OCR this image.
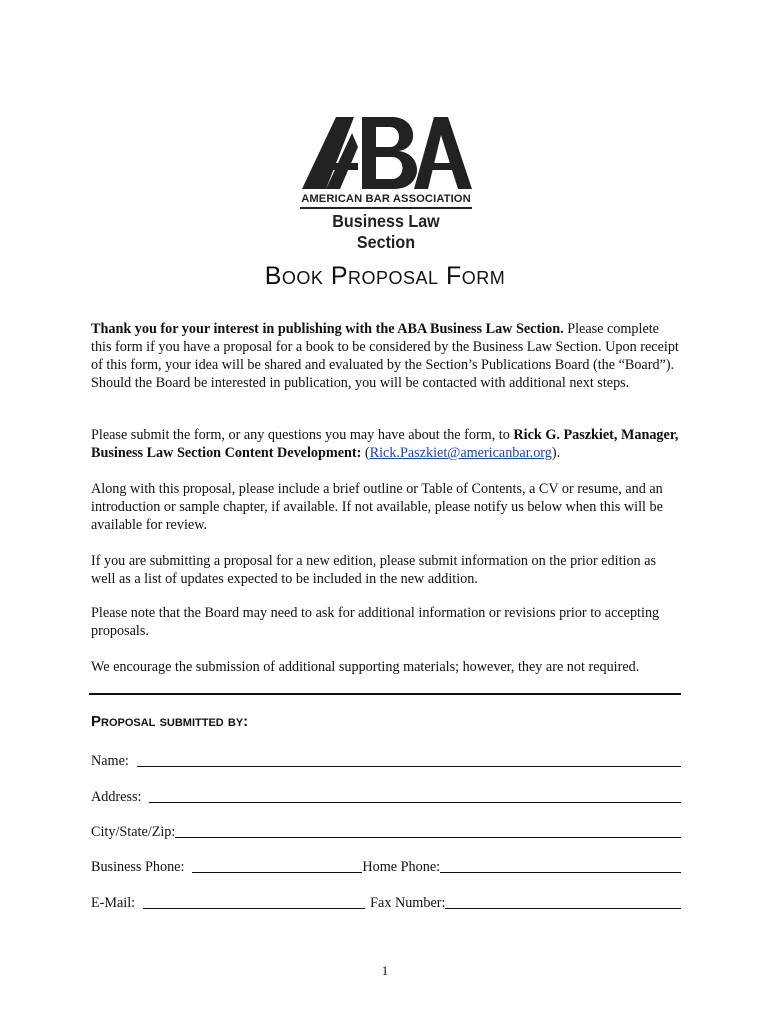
AMERICAN BAR ASSOCIATION
Business Law Section
Book Proposal Form

Thank you for your interest in publishing with the ABA Business Law Section. Please complete this form if you have a proposal for a book to be considered by the Business Law Section. Upon receipt of this form, your idea will be shared and evaluated by the Section’s Publications Board (the “Board”). Should the Board be interested in publication, you will be contacted with additional next steps.

Please submit the form, or any questions you may have about the form, to Rick G. Paszkiet, Manager, Business Law Section Content Development: (Rick.Paszkiet@americanbar.org).

Along with this proposal, please include a brief outline or Table of Contents, a CV or resume, and an introduction or sample chapter, if available. If not available, please notify us below when this will be available for review.

If you are submitting a proposal for a new edition, please submit information on the prior edition as well as a list of updates expected to be included in the new addition.

Please note that the Board may need to ask for additional information or revisions prior to accepting proposals.

We encourage the submission of additional supporting materials; however, they are not required.

Proposal submitted by:
Name:
Address:
City/State/Zip:
Business Phone:	Home Phone:
E-Mail:	Fax Number:
1
